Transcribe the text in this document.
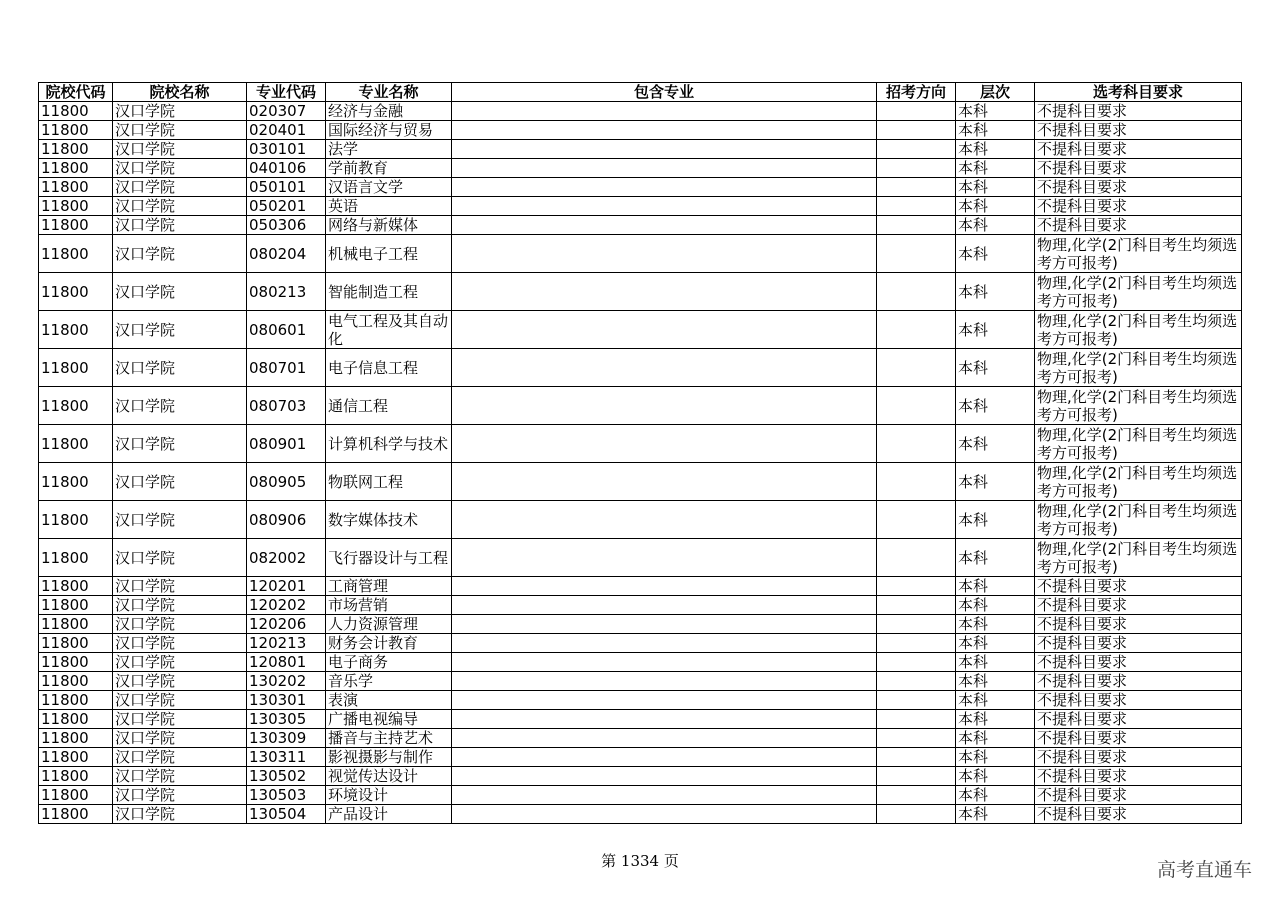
院校代码	院校名称	专业代码	专业名称	包含专业	招考方向	层次	选考科目要求
11800	汉口学院	020307	经济与金融			本科	不提科目要求
11800	汉口学院	020401	国际经济与贸易			本科	不提科目要求
11800	汉口学院	030101	法学			本科	不提科目要求
11800	汉口学院	040106	学前教育			本科	不提科目要求
11800	汉口学院	050101	汉语言文学			本科	不提科目要求
11800	汉口学院	050201	英语			本科	不提科目要求
11800	汉口学院	050306	网络与新媒体			本科	不提科目要求
11800	汉口学院	080204	机械电子工程			本科	物理,化学(2门科目考生均须选考方可报考)
11800	汉口学院	080213	智能制造工程			本科	物理,化学(2门科目考生均须选考方可报考)
11800	汉口学院	080601	电气工程及其自动化			本科	物理,化学(2门科目考生均须选考方可报考)
11800	汉口学院	080701	电子信息工程			本科	物理,化学(2门科目考生均须选考方可报考)
11800	汉口学院	080703	通信工程			本科	物理,化学(2门科目考生均须选考方可报考)
11800	汉口学院	080901	计算机科学与技术			本科	物理,化学(2门科目考生均须选考方可报考)
11800	汉口学院	080905	物联网工程			本科	物理,化学(2门科目考生均须选考方可报考)
11800	汉口学院	080906	数字媒体技术			本科	物理,化学(2门科目考生均须选考方可报考)
11800	汉口学院	082002	飞行器设计与工程			本科	物理,化学(2门科目考生均须选考方可报考)
11800	汉口学院	120201	工商管理			本科	不提科目要求
11800	汉口学院	120202	市场营销			本科	不提科目要求
11800	汉口学院	120206	人力资源管理			本科	不提科目要求
11800	汉口学院	120213	财务会计教育			本科	不提科目要求
11800	汉口学院	120801	电子商务			本科	不提科目要求
11800	汉口学院	130202	音乐学			本科	不提科目要求
11800	汉口学院	130301	表演			本科	不提科目要求
11800	汉口学院	130305	广播电视编导			本科	不提科目要求
11800	汉口学院	130309	播音与主持艺术			本科	不提科目要求
11800	汉口学院	130311	影视摄影与制作			本科	不提科目要求
11800	汉口学院	130502	视觉传达设计			本科	不提科目要求
11800	汉口学院	130503	环境设计			本科	不提科目要求
11800	汉口学院	130504	产品设计			本科	不提科目要求
第 1334 页	高考直通车
